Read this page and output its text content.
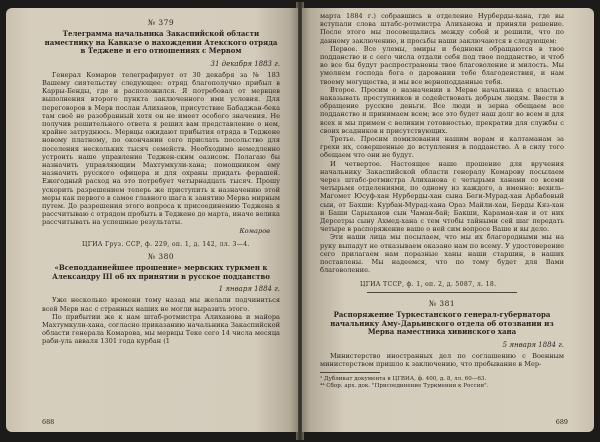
№ 379

Телеграмма начальника Закаспийской области наместнику на Кавказе о нахождении Атекского отряда в Теджене и его отношениях с Мервом

31 декабря 1883 г.

Генерал Комаров телеграфирует от 30 декабря за № 183 Вашему сиятельству следующее: отряд благополучно прибыл в Карры-Бенды, где и расположился. Я потребовал от мервцев выполнения второго пункта заключенного ими условия. Для переговоров в Мерв послан Алиханов, присутствие Бабаджан-бека там своё не разобранный хотя он не имеет особого значения. Не получив решительного ответа я решил вам представление о нем, крайне затруднюсь. Мервцы ожидают прибытия отряда в Теджене новому платному, по окончании сего прислать посольство для поселения нескольких тысяч семейств. Необходимо немедленно устроить наше управление Теджен-ским оазисом. Полагаю бы назначить управляющим Махтумкули-хана; помощником ему назначить русского офицера и для охраны придать ферашей. Ежегодный расход на это потребует четырнадцать тысяч. Прошу ускорить разрешением теперь же приступить к назначению этой меры как первого в самое главного шага к занятию Мерва мирным путем. До разрешения этого вопроса к присоединению Теджена я рассчитываю с отрядом пробыть в Теджене до марта, иначе велика рассчитывать на успешные результаты.

Комаров

ЦГИА Груз. ССР, ф. 229, оп. 1, д. 142, лл. 3—4.

№ 380

«Всеподданнейшее прошение» мервских туркмен к Александру III об их принятии в русское подданство

1 января 1884 г.

Уже несколько времени тому назад мы желали подчиниться всей Мерв нас с странных наших не могли выразить этого.

По прибытии же к нам штаб-ротмистра Алиханова и майора Махтумкули-хана, согласно приказанию начальника Закаспийской области генерала Комарова, мы мервцы Теке сего 14 числа месяца раби-уль авваля 1301 года курбан (1

688

марта 1884 г.) собравшись в отделение Нурберды-хана, где вы вступали слова штабс-ротмистра Алиханова и приняли решение. После этого мы посовещались между собой и решили, что по данному заключению, и просьбы наши заключаются в следующем:

Первое. Все улемы, эмиры и беднюки обращаются в твое подданство и с сего числа отдали себя под твое подданство, и чтоб во все бы будут распространены твое благоволение и милость. Мы умоляем господа бога о даровании тебе благоденствия, и нам твоему могущества, и мы все верноподданные тебя.

Второе. Просим о назначении в Мерве начальника с властью наказывать преступников и содействовать добрым людям. Ввести в обращение русские деньги. Все люди и зерна обещаем все подданство и принимаем всем; все это будет наш долг во всем и для всех и мы примем с великим готовностью, прекратив для службы с своих всадников и присутствующих.

Третье. Просим помилования нашим ворам и калтаманам за грехи их, совершенные до вступления в подданство. А в силу того обещаем что они не будут.

И четвертое. Настоящее наше прошение для вручения начальнику Закаспийской области генералу Комарову посылаем через штабс-ротмистра Алиханова с четырьмя ханами со всеми четырьмя отделениями, по одному из каждого, а именно: вехиль-Магомет Юсуф-хан Нурберды-хан сына Беги-Мурад-хан Арбабовый сын, от Бахши: Курбан-Мурад-хана Ораз Майли-хан, Берды Кяз-хан и Баши Сарыханов сын Чаман-бай; Бакши, Караман-хан и от них Дерсетры сыну Ахмед-хана с тем чтобы тайными сей шаг передать четыре в распоряжение ваше о ней сим вопросе Ваше и вы дело.

Эти наши лица мы посылаем, что мы их благородными мы на руку выпадут не отказываем оказано нам по всему. У удостоверение сего прилагаем нам поразные ханы наши старшин, в наших поставлены. Мы надеемся, что по тому будет для Вами благоволение.

ЦГИА ТССР, ф. 1, оп. 2, д. 5087, л. 18.

№ 381

Распоряжение Туркестанского генерал-губернатора начальнику Аму-Дарьинского отдела об отозвании из Мерва наместника хивинского хана

5 января 1884 г.

Министерство иностранных дел по соглашению с Военным министерством пришло к заключению, что пребывание в Мер-

¹ Дубликат документа в ЦГВИА, ф. 400, д. 8, лл. 60—63.

⁴⁴ Сбор. арх. док. "Присоединение Туркмении к России".

689
